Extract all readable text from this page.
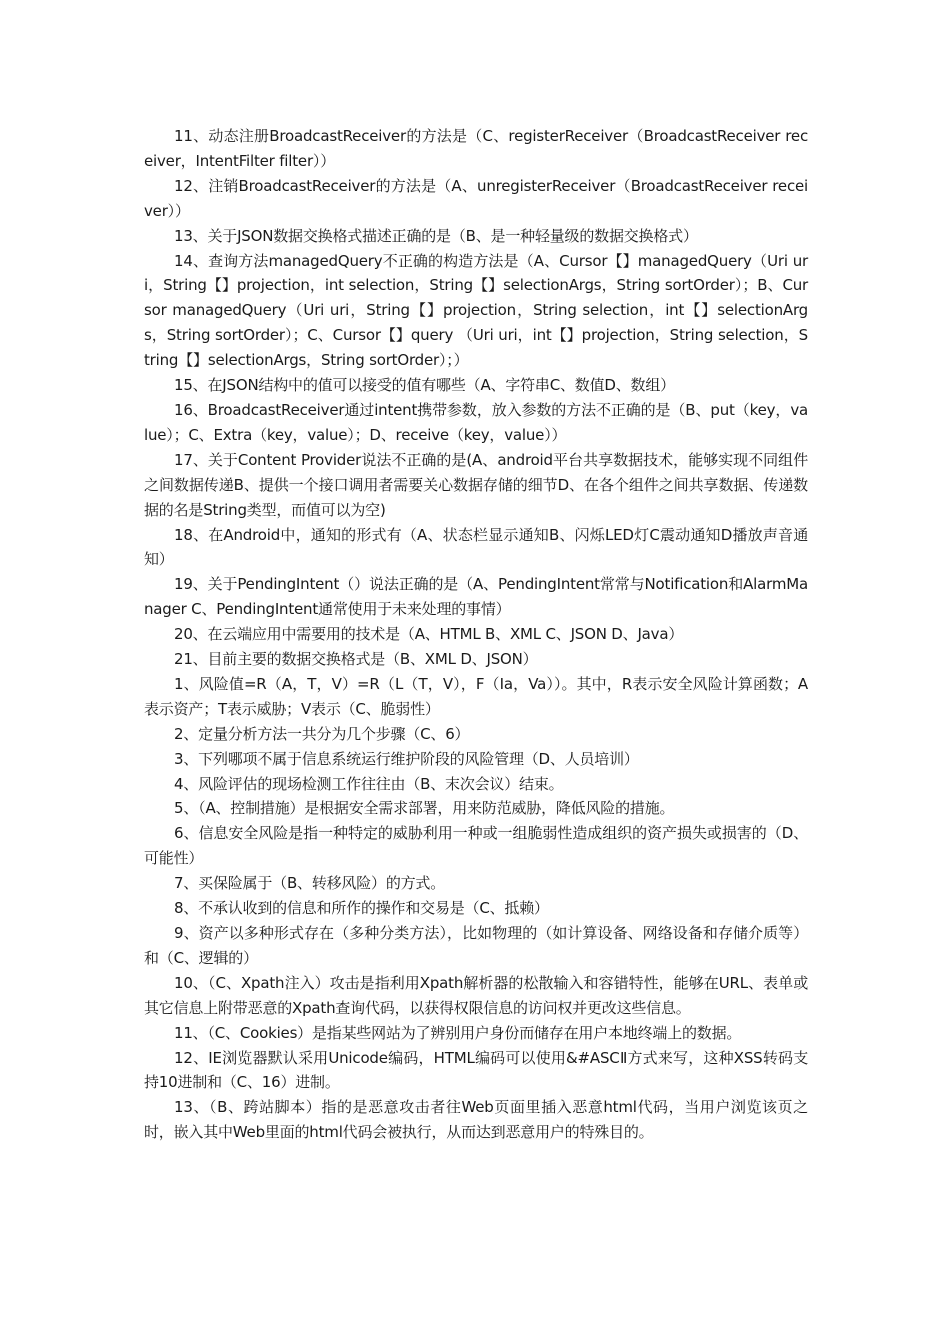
11、动态注册BroadcastReceiver的方法是（C、registerReceiver（BroadcastReceiver receiver，IntentFilter filter））

12、注销BroadcastReceiver的方法是（A、unregisterReceiver（BroadcastReceiver receiver））

13、关于JSON数据交换格式描述正确的是（B、是一种轻量级的数据交换格式）

14、查询方法managedQuery不正确的构造方法是（A、Cursor【】managedQuery（Uri uri，String【】projection，int selection，String【】selectionArgs，String sortOrder）；B、Cursor managedQuery（Uri uri，String【】projection，String selection，int【】selectionArgs，String sortOrder）；C、Cursor【】query （Uri uri，int【】projection，String selection，String【】selectionArgs，String sortOrder）；）

15、在JSON结构中的值可以接受的值有哪些（A、字符串C、数值D、数组）

16、BroadcastReceiver通过intent携带参数，放入参数的方法不正确的是（B、put（key，value）；C、Extra（key，value）；D、receive（key，value））

17、关于Content Provider说法不正确的是(A、android平台共享数据技术，能够实现不同组件之间数据传递B、提供一个接口调用者需要关心数据存储的细节D、在各个组件之间共享数据、传递数据的名是String类型，而值可以为空)

18、在Android中，通知的形式有（A、状态栏显示通知B、闪烁LED灯C震动通知D播放声音通知）

19、关于PendingIntent（）说法正确的是（A、PendingIntent常常与Notification和AlarmManager C、PendingIntent通常使用于未来处理的事情）

20、在云端应用中需要用的技术是（A、HTML B、XML C、JSON D、Java）

21、目前主要的数据交换格式是（B、XML D、JSON）

1、风险值=R（A，T，V）=R（L（T，V），F（Ia，Va））。其中，R表示安全风险计算函数；A表示资产；T表示威胁；V表示（C、脆弱性）

2、定量分析方法一共分为几个步骤（C、6）

3、下列哪项不属于信息系统运行维护阶段的风险管理（D、人员培训）

4、风险评估的现场检测工作往往由（B、末次会议）结束。

5、（A、控制措施）是根据安全需求部署，用来防范威胁，降低风险的措施。

6、信息安全风险是指一种特定的威胁利用一种或一组脆弱性造成组织的资产损失或损害的（D、可能性）

7、买保险属于（B、转移风险）的方式。

8、不承认收到的信息和所作的操作和交易是（C、抵赖）

9、资产以多种形式存在（多种分类方法），比如物理的（如计算设备、网络设备和存储介质等）和（C、逻辑的）

10、（C、Xpath注入）攻击是指利用Xpath解析器的松散输入和容错特性，能够在URL、表单或其它信息上附带恶意的Xpath查询代码，以获得权限信息的访问权并更改这些信息。

11、（C、Cookies）是指某些网站为了辨别用户身份而储存在用户本地终端上的数据。

12、IE浏览器默认采用Unicode编码，HTML编码可以使用&#ASCⅡ方式来写，这种XSS转码支持10进制和（C、16）进制。

13、（B、跨站脚本）指的是恶意攻击者往Web页面里插入恶意html代码，当用户浏览该页之时，嵌入其中Web里面的html代码会被执行，从而达到恶意用户的特殊目的。
